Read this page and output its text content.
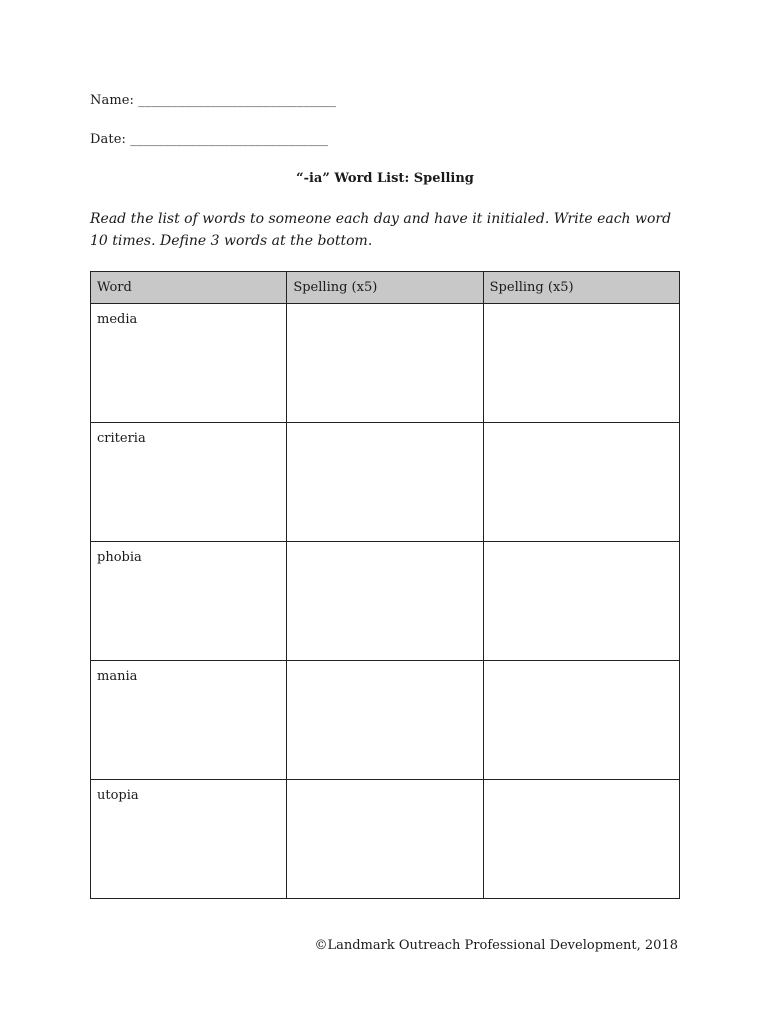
Name: ______________________________
Date: ______________________________
“-ia” Word List: Spelling
Read the list of words to someone each day and have it initialed. Write each word 10 times. Define 3 words at the bottom.
Word	Spelling (x5)	Spelling (x5)
media		
criteria		
phobia		
mania		
utopia		
©Landmark Outreach Professional Development, 2018
